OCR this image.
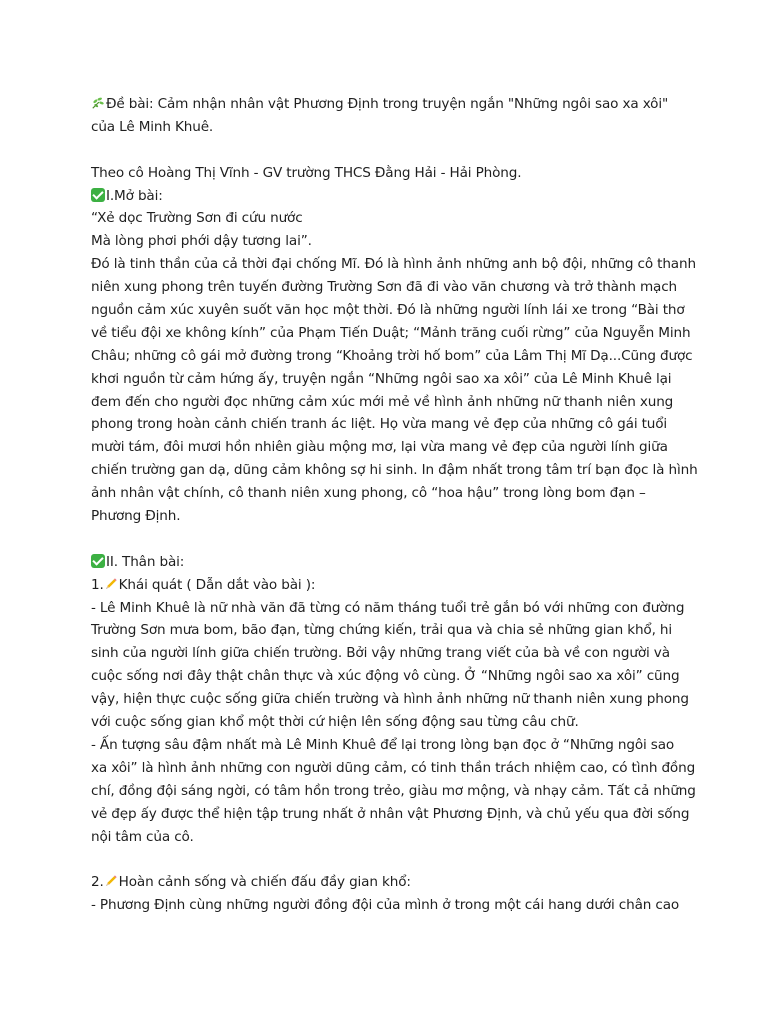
Đề bài: Cảm nhận nhân vật Phương Định trong truyện ngắn "Những ngôi sao xa xôi"
của Lê Minh Khuê.
Theo cô Hoàng Thị Vĩnh - GV trường THCS Đằng Hải - Hải Phòng.
I.Mở bài:
“Xẻ dọc Trường Sơn đi cứu nước
Mà lòng phơi phới dậy tương lai”.
Đó là tinh thần của cả thời đại chống Mĩ. Đó là hình ảnh những anh bộ đội, những cô thanh
niên xung phong trên tuyến đường Trường Sơn đã đi vào văn chương và trở thành mạch
nguồn cảm xúc xuyên suốt văn học một thời. Đó là những người lính lái xe trong “Bài thơ
về tiểu đội xe không kính” của Phạm Tiến Duật; “Mảnh trăng cuối rừng” của Nguyễn Minh
Châu; những cô gái mở đường trong “Khoảng trời hố bom” của Lâm Thị Mĩ Dạ...Cũng được
khơi nguồn từ cảm hứng ấy, truyện ngắn “Những ngôi sao xa xôi” của Lê Minh Khuê lại
đem đến cho người đọc những cảm xúc mới mẻ về hình ảnh những nữ thanh niên xung
phong trong hoàn cảnh chiến tranh ác liệt. Họ vừa mang vẻ đẹp của những cô gái tuổi
mười tám, đôi mươi hồn nhiên giàu mộng mơ, lại vừa mang vẻ đẹp của người lính giữa
chiến trường gan dạ, dũng cảm không sợ hi sinh. In đậm nhất trong tâm trí bạn đọc là hình
ảnh nhân vật chính, cô thanh niên xung phong, cô “hoa hậu” trong lòng bom đạn –
Phương Định.
II. Thân bài:
1. Khái quát ( Dẫn dắt vào bài ):
- Lê Minh Khuê là nữ nhà văn đã từng có năm tháng tuổi trẻ gắn bó với những con đường
Trường Sơn mưa bom, bão đạn, từng chứng kiến, trải qua và chia sẻ những gian khổ, hi
sinh của người lính giữa chiến trường. Bởi vậy những trang viết của bà về con người và
cuộc sống nơi đây thật chân thực và xúc động vô cùng. Ở “Những ngôi sao xa xôi” cũng
vậy, hiện thực cuộc sống giữa chiến trường và hình ảnh những nữ thanh niên xung phong
với cuộc sống gian khổ một thời cứ hiện lên sống động sau từng câu chữ.
- Ấn tượng sâu đậm nhất mà Lê Minh Khuê để lại trong lòng bạn đọc ở “Những ngôi sao
xa xôi” là hình ảnh những con người dũng cảm, có tinh thần trách nhiệm cao, có tình đồng
chí, đồng đội sáng ngời, có tâm hồn trong trẻo, giàu mơ mộng, và nhạy cảm. Tất cả những
vẻ đẹp ấy được thể hiện tập trung nhất ở nhân vật Phương Định, và chủ yếu qua đời sống
nội tâm của cô.
2. Hoàn cảnh sống và chiến đấu đầy gian khổ:
- Phương Định cùng những người đồng đội của mình ở trong một cái hang dưới chân cao
